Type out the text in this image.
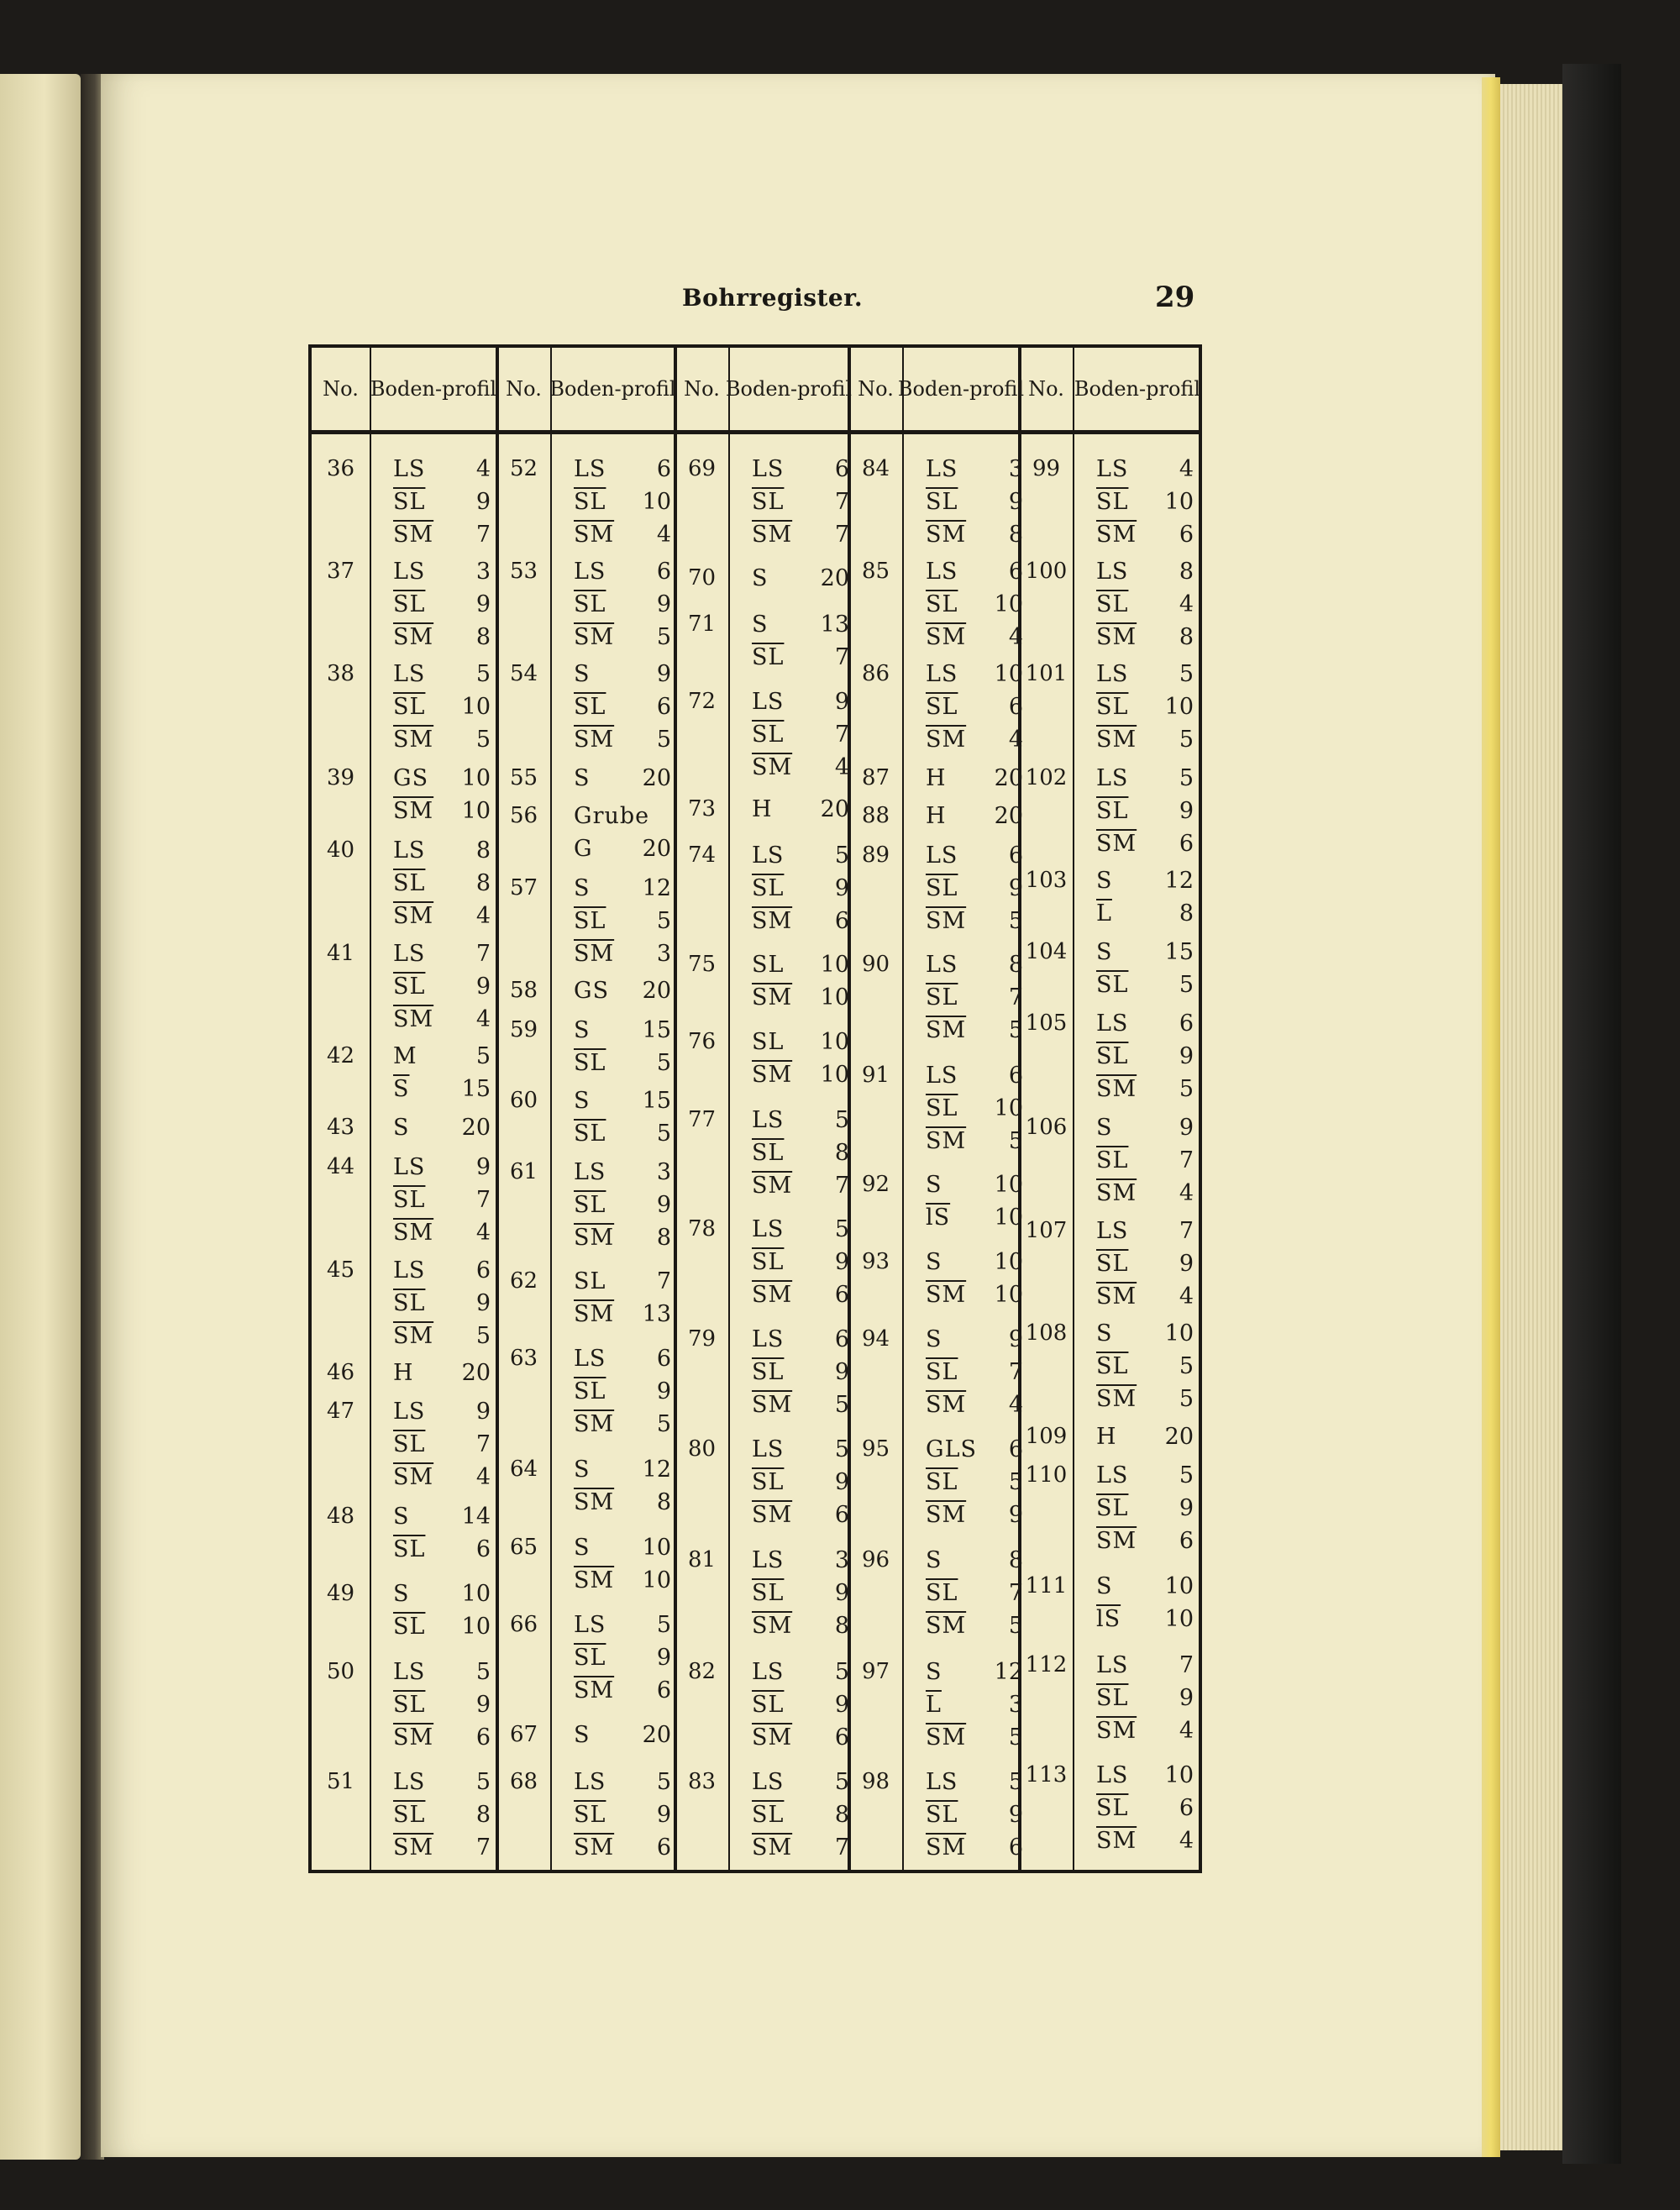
Bohrregister.	29
No. Boden- profil
36	LS	4
$\overline{SL}$	9
$\overline{SM}$	7
37	LS	3
$\overline{SL}$	9
$\overline{SM}$	8
38	LS	5
$\overline{SL}$	10
$\overline{SM}$	5
39	GS	10
$\overline{SM}$	10
40	LS	8
$\overline{SL}$	8
$\overline{SM}$	4
41	LS	7
$\overline{SL}$	9
$\overline{SM}$	4
42	M	5
$\overline{S}$	15
43	S	20
44	LS	9
$\overline{SL}$	7
$\overline{SM}$	4
45	LS	6
$\overline{SL}$	9
$\overline{SM}$	5
46	H	20
47	LS	9
$\overline{SL}$	7
$\overline{SM}$	4
48	S	14
$\overline{SL}$	6
49	S	10
$\overline{SL}$	10
50	LS	5
$\overline{SL}$	9
$\overline{SM}$	6
51	LS	5
$\overline{SL}$	8
$\overline{SM}$	7
No. Boden- profil
52	LS	6
$\overline{SL}$	10
$\overline{SM}$	4
53	LS	6
$\overline{SL}$	9
$\overline{SM}$	5
54	S	9
$\overline{SL}$	6
$\overline{SM}$	5
55	S	20
56	Grube
G	20
57	S	12
$\overline{SL}$	5
$\overline{SM}$	3
58	GS	20
59	S	15
$\overline{SL}$	5
60	S	15
$\overline{SL}$	5
61	LS	3
$\overline{SL}$	9
$\overline{SM}$	8
62	SL	7
$\overline{SM}$	13
63	LS	6
$\overline{SL}$	9
$\overline{SM}$	5
64	S	12
$\overline{SM}$	8
65	S	10
$\overline{SM}$	10
66	LS	5
$\overline{SL}$	9
$\overline{SM}$	6
67	S	20
68	LS	5
$\overline{SL}$	9
$\overline{SM}$	6
No. Boden- profil
69	LS	6
$\overline{SL}$	7
$\overline{SM}$	7
70	S	20
71	S	13
$\overline{SL}$	7
72	LS	9
$\overline{SL}$	7
$\overline{SM}$	4
73	H	20
74	LS	5
$\overline{SL}$	9
$\overline{SM}$	6
75	SL	10
$\overline{SM}$	10
76	SL	10
$\overline{SM}$	10
77	LS	5
$\overline{SL}$	8
$\overline{SM}$	7
78	LS	5
$\overline{SL}$	9
$\overline{SM}$	6
79	LS	6
$\overline{SL}$	9
$\overline{SM}$	5
80	LS	5
$\overline{SL}$	9
$\overline{SM}$	6
81	LS	3
$\overline{SL}$	9
$\overline{SM}$	8
82	LS	5
$\overline{SL}$	9
$\overline{SM}$	6
83	LS	5
$\overline{SL}$	8
$\overline{SM}$	7
No. Boden- profil
84	LS	3
$\overline{SL}$	9
$\overline{SM}$	8
85	LS	6
$\overline{SL}$	10
$\overline{SM}$	4
86	LS	10
$\overline{SL}$	6
$\overline{SM}$	4
87	H	20
88	H	20
89	LS	6
$\overline{SL}$	9
$\overline{SM}$	5
90	LS	8
$\overline{SL}$	7
$\overline{SM}$	5
91	LS	6
$\overline{SL}$	10
$\overline{SM}$	5
92	S	10
$\overline{lS}$	10
93	S	10
$\overline{SM}$	10
94	S	9
$\overline{SL}$	7
$\overline{SM}$	4
95	GLS	6
$\overline{SL}$	5
$\overline{SM}$	9
96	S	8
$\overline{SL}$	7
$\overline{SM}$	5
97	S	12
$\overline{L}$	3
$\overline{SM}$	5
98	LS	5
$\overline{SL}$	9
$\overline{SM}$	6
No. Boden- profil
99	LS	4
$\overline{SL}$	10
$\overline{SM}$	6
100 LS	8
$\overline{SL}$	4
$\overline{SM}$	8
101 LS	5
$\overline{SL}$	10
$\overline{SM}$	5
102 LS	5
$\overline{SL}$	9
$\overline{SM}$	6
103 S	12
$\overline{L}$	8
104 S	15
$\overline{SL}$	5
105 LS	6
$\overline{SL}$	9
$\overline{SM}$	5
106 S	9
$\overline{SL}$	7
$\overline{SM}$	4
107 LS	7
$\overline{SL}$	9
$\overline{SM}$	4
108 S	10
$\overline{SL}$	5
$\overline{SM}$	5
109 H	20
110 LS	5
$\overline{SL}$	9
$\overline{SM}$	6
111 S	10
$\overline{lS}$	10
112 LS	7
$\overline{SL}$	9
$\overline{SM}$	4
113 LS	10
$\overline{SL}$	6
$\overline{SM}$	4
